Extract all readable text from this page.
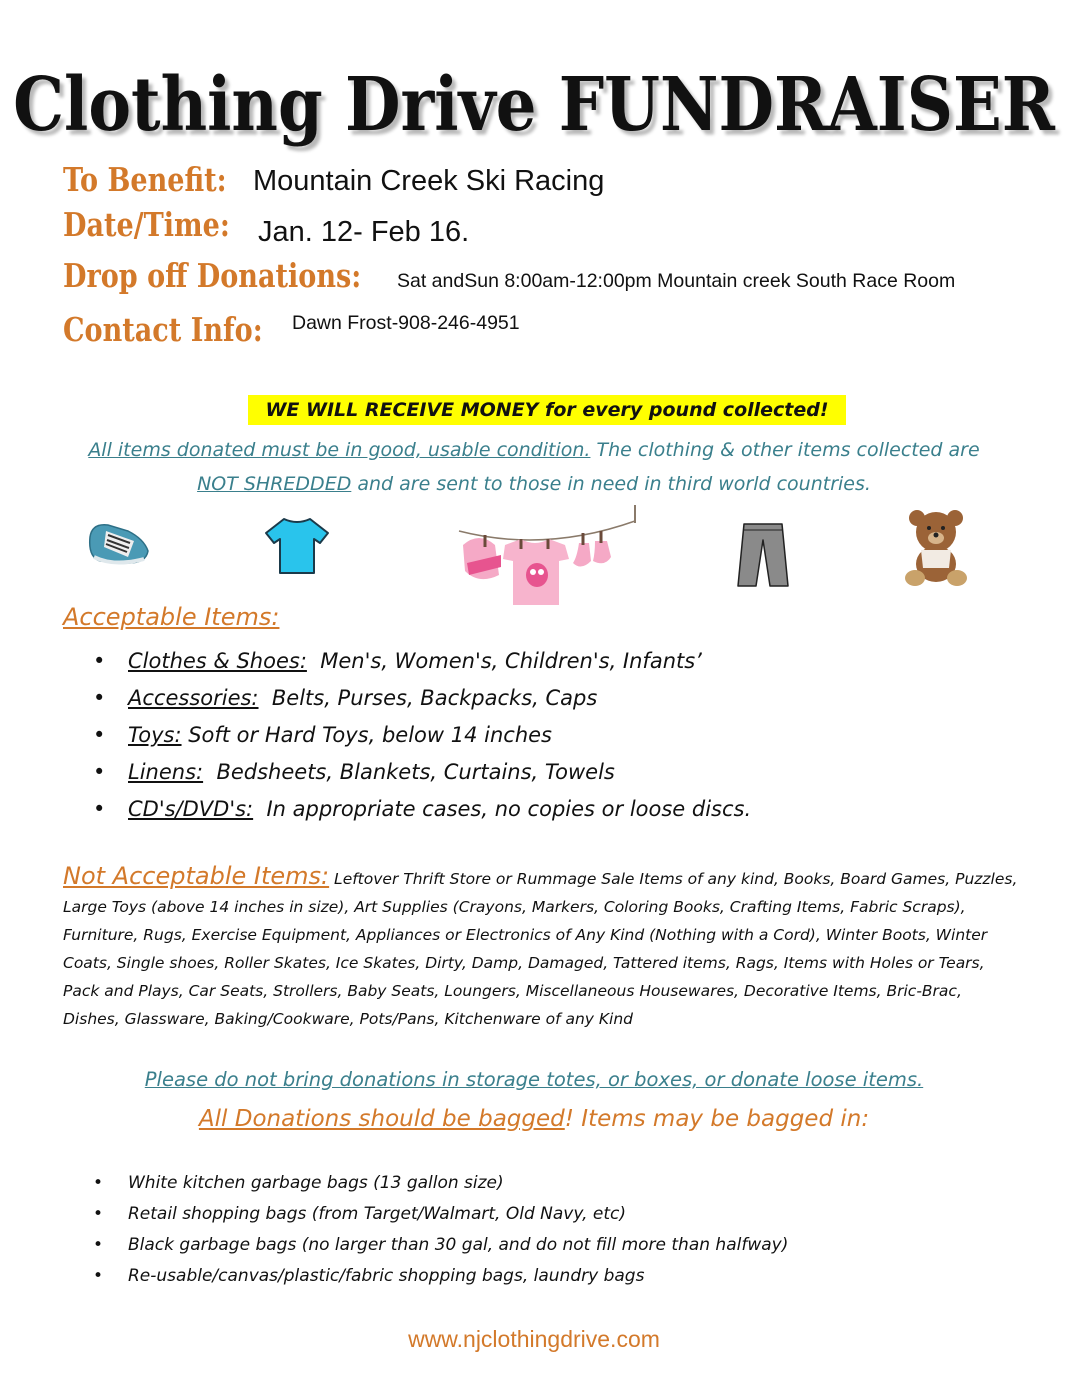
Clothing Drive FUNDRAISER
To Benefit: Mountain Creek Ski Racing
Date/Time: Jan. 12- Feb 16.
Drop off Donations: Sat andSun 8:00am-12:00pm Mountain creek South Race Room
Contact Info: Dawn Frost-908-246-4951
WE WILL RECEIVE MONEY for every pound collected!
All items donated must be in good, usable condition. The clothing & other items collected are
NOT SHREDDED and are sent to those in need in third world countries.
Acceptable Items:
• Clothes & Shoes:  Men's, Women's, Children's, Infants’
• Accessories:  Belts, Purses, Backpacks, Caps
• Toys: Soft or Hard Toys, below 14 inches
• Linens:  Bedsheets, Blankets, Curtains, Towels
• CD's/DVD's:  In appropriate cases, no copies or loose discs.
Not Acceptable Items: Leftover Thrift Store or Rummage Sale Items of any kind, Books, Board Games, Puzzles, Large Toys (above 14 inches in size), Art Supplies (Crayons, Markers, Coloring Books, Crafting Items, Fabric Scraps), Furniture, Rugs, Exercise Equipment, Appliances or Electronics of Any Kind (Nothing with a Cord), Winter Boots, Winter Coats, Single shoes, Roller Skates, Ice Skates, Dirty, Damp, Damaged, Tattered items, Rags, Items with Holes or Tears, Pack and Plays, Car Seats, Strollers, Baby Seats, Loungers, Miscellaneous Housewares, Decorative Items, Bric-Brac, Dishes, Glassware, Baking/Cookware, Pots/Pans, Kitchenware of any Kind
Please do not bring donations in storage totes, or boxes, or donate loose items.
All Donations should be bagged! Items may be bagged in:
• White kitchen garbage bags (13 gallon size)
• Retail shopping bags (from Target/Walmart, Old Navy, etc)
• Black garbage bags (no larger than 30 gal, and do not fill more than halfway)
• Re-usable/canvas/plastic/fabric shopping bags, laundry bags
www.njclothingdrive.com
